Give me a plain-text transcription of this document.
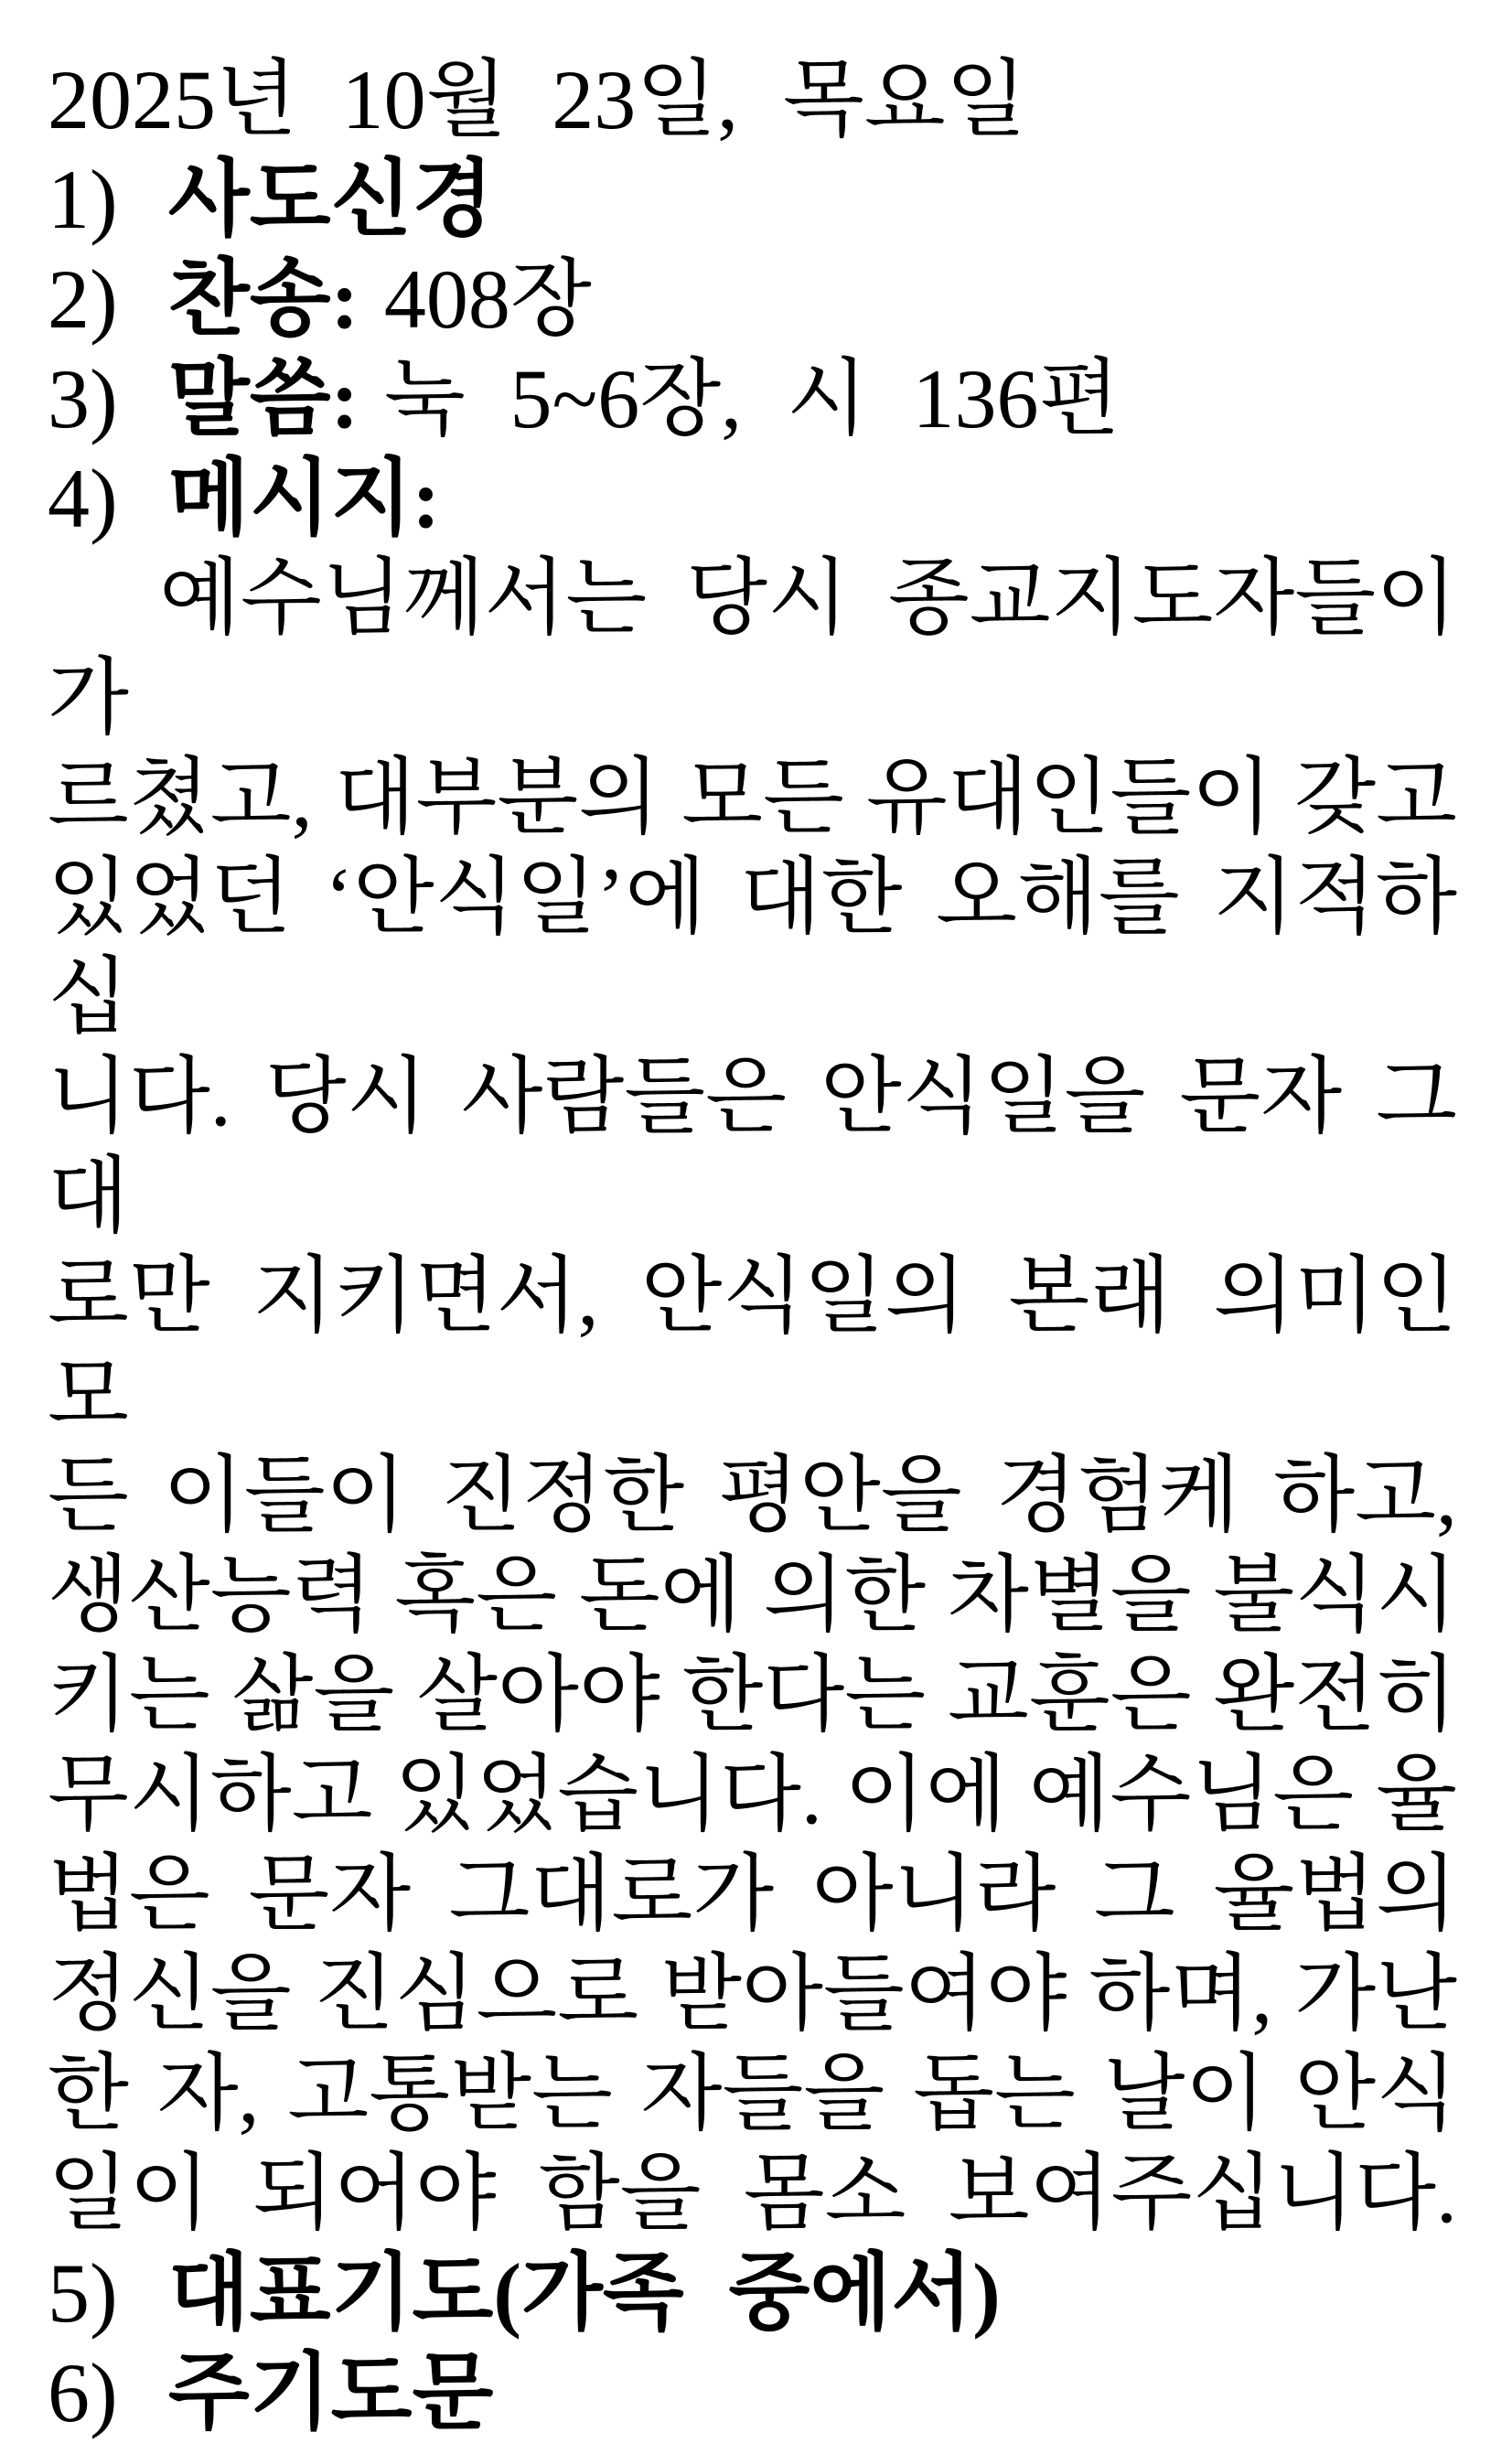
2025년 10월 23일, 목요일
1) 사도신경
2) 찬송: 408장
3) 말씀: 눅 5~6장, 시 136편
4) 메시지:
예수님께서는 당시 종교지도자들이 가
르쳤고, 대부분의 모든 유대인들이 갖고
있었던 ‘안식일’에 대한 오해를 지적하십
니다. 당시 사람들은 안식일을 문자 그대
로만 지키면서, 안식일의 본래 의미인 모
든 이들이 진정한 평안을 경험케 하고,
생산능력 혹은 돈에 의한 차별을 불식시
키는 삶을 살아야 한다는 교훈은 완전히
무시하고 있었습니다. 이에 예수님은 율
법은 문자 그대로가 아니라 그 율법의
정신을 진심으로 받아들여야 하며, 가난
한 자, 고통받는 자들을 돕는 날이 안식
일이 되어야 함을 몸소 보여주십니다.
5) 대표기도(가족 중에서)
6) 주기도문
